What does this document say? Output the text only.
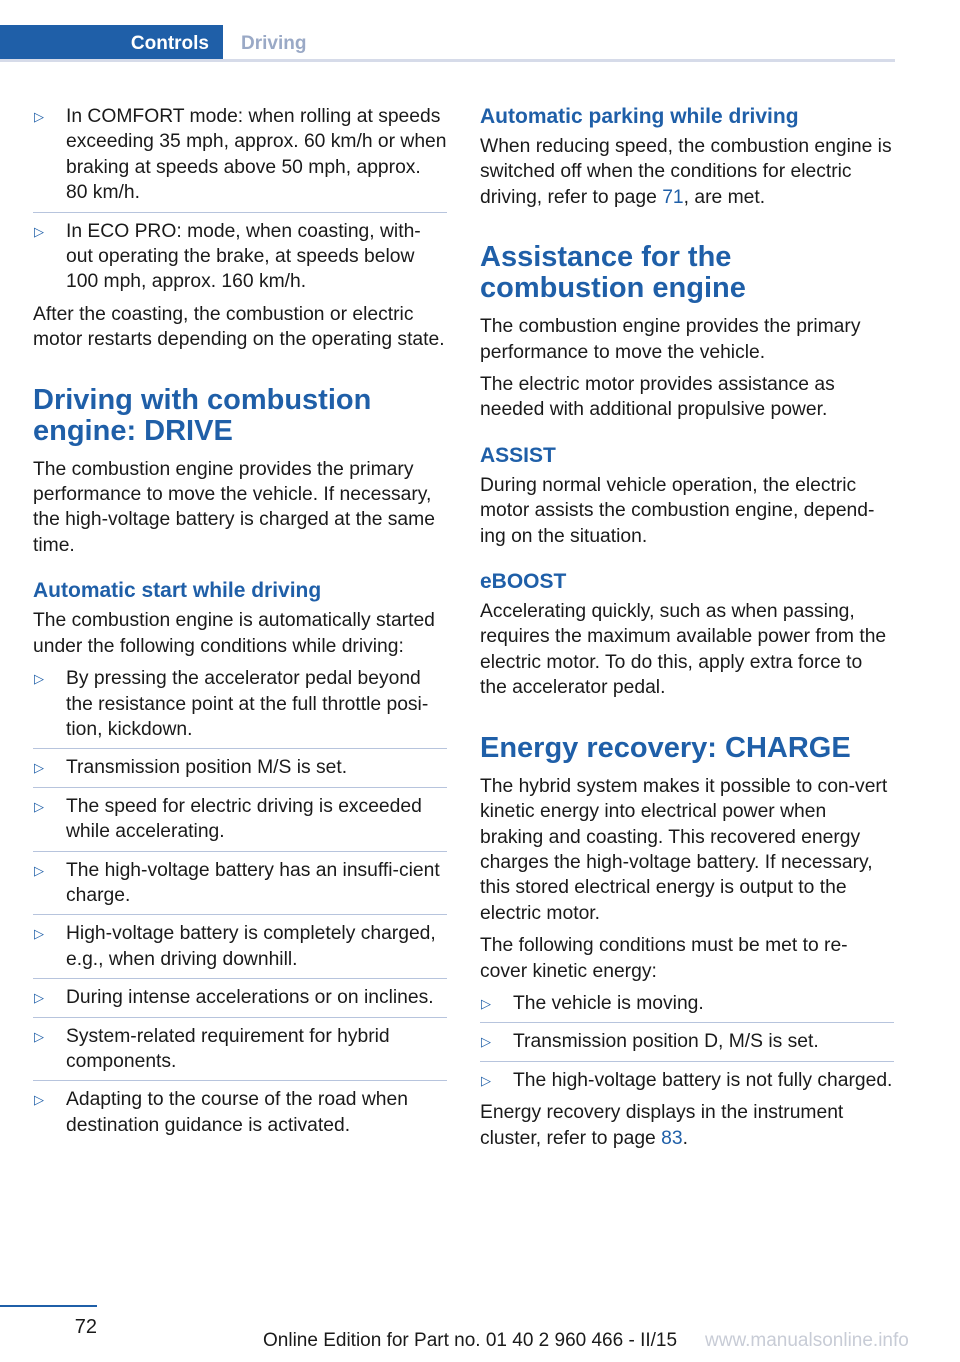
Controls	Driving
▷ In COMFORT mode: when rolling at speeds exceeding 35 mph, approx. 60 km/h or when braking at speeds above 50 mph, approx. 80 km/h.
▷ In ECO PRO: mode, when coasting, with-out operating the brake, at speeds below 100 mph, approx. 160 km/h.

After the coasting, the combustion or electric motor restarts depending on the operating state.

Driving with combustion engine: DRIVE

The combustion engine provides the primary performance to move the vehicle. If necessary, the high-voltage battery is charged at the same time.

Automatic start while driving

The combustion engine is automatically started under the following conditions while driving:

▷ By pressing the accelerator pedal beyond the resistance point at the full throttle posi-tion, kickdown.
▷ Transmission position M/S is set.
▷ The speed for electric driving is exceeded while accelerating.
▷ The high-voltage battery has an insuffi-cient charge.
▷ High-voltage battery is completely charged, e.g., when driving downhill.
▷ During intense accelerations or on inclines.
▷ System-related requirement for hybrid components.
▷ Adapting to the course of the road when destination guidance is activated.
Automatic parking while driving

When reducing speed, the combustion engine is switched off when the conditions for electric driving, refer to page 71, are met.

Assistance for the combustion engine

The combustion engine provides the primary performance to move the vehicle.

The electric motor provides assistance as needed with additional propulsive power.

ASSIST

During normal vehicle operation, the electric motor assists the combustion engine, depend-ing on the situation.

eBOOST

Accelerating quickly, such as when passing, requires the maximum available power from the electric motor. To do this, apply extra force to the accelerator pedal.

Energy recovery: CHARGE

The hybrid system makes it possible to con-vert kinetic energy into electrical power when braking and coasting. This recovered energy charges the high-voltage battery. If necessary, this stored electrical energy is output to the electric motor.

The following conditions must be met to re-cover kinetic energy:

▷ The vehicle is moving.
▷ Transmission position D, M/S is set.
▷ The high-voltage battery is not fully charged.

Energy recovery displays in the instrument cluster, refer to page 83.

72
Online Edition for Part no. 01 40 2 960 466 - II/15 www.manualsonline.info
